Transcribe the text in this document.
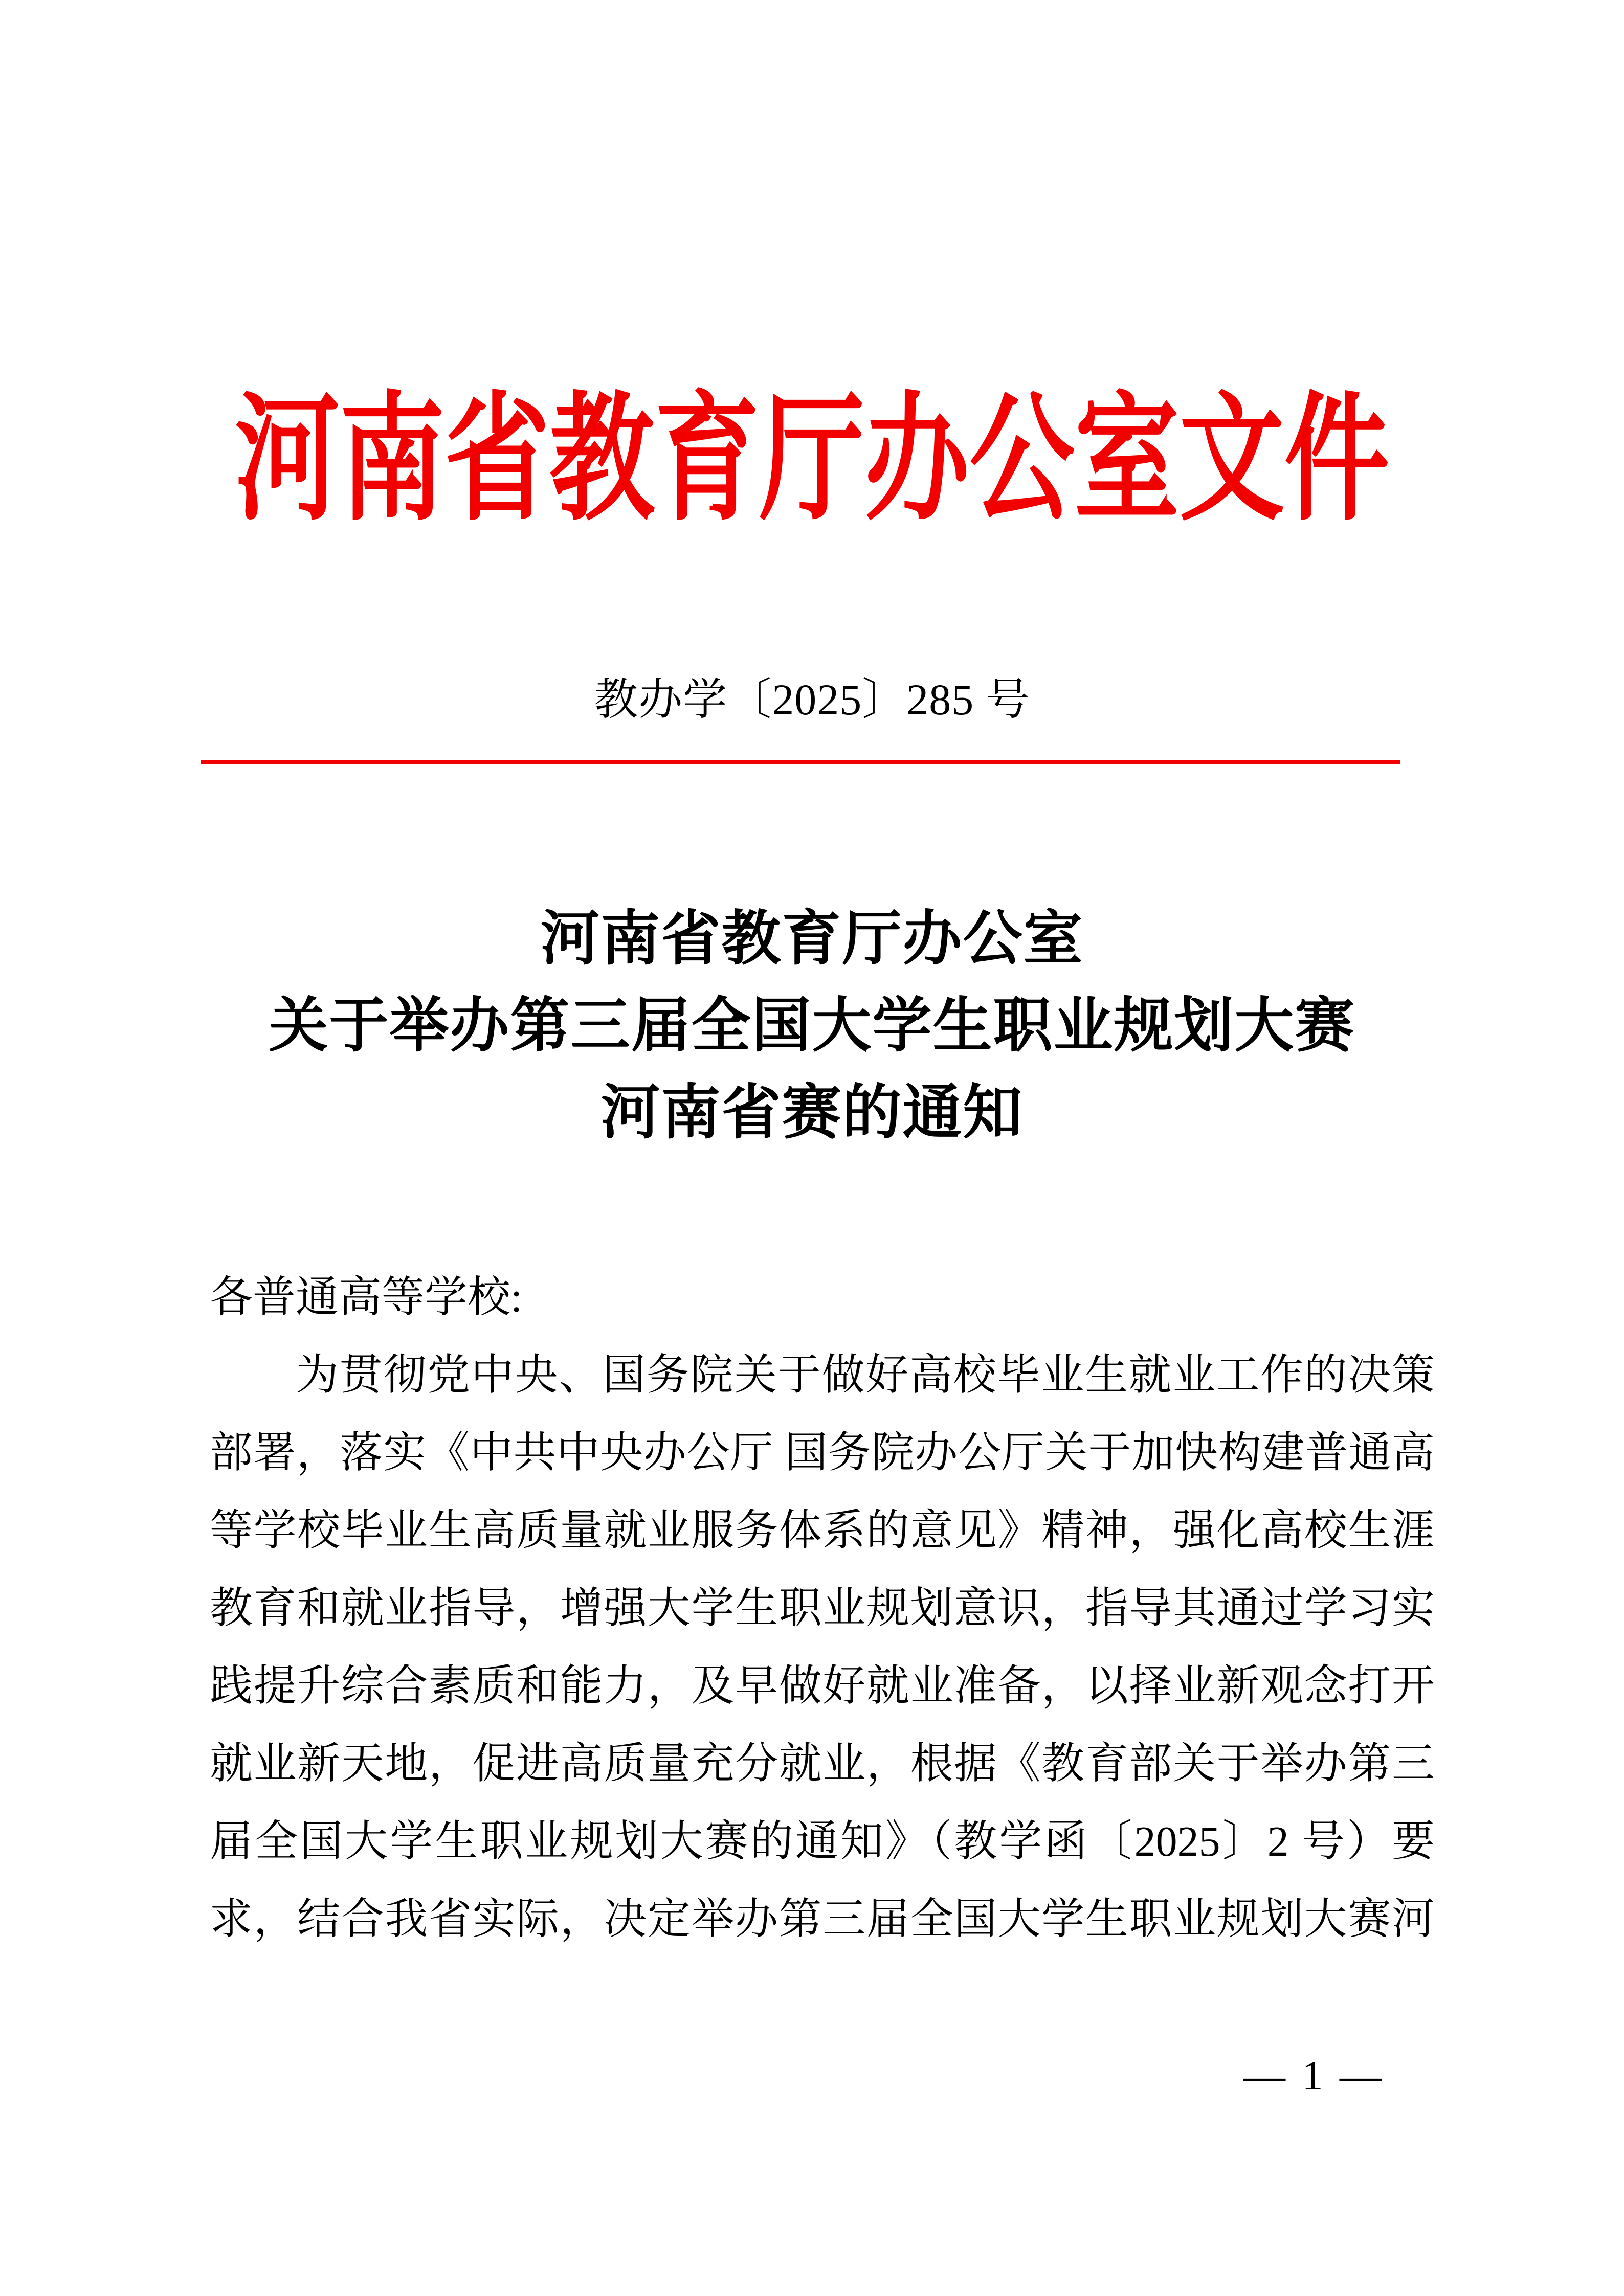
河南省教育厅办公室文件
教办学〔2025〕285 号
河南省教育厅办公室
关于举办第三届全国大学生职业规划大赛
河南省赛的通知
各普通高等学校:
为贯彻党中央、国务院关于做好高校毕业生就业工作的决策
部署，落实《中共中央办公厅 国务院办公厅关于加快构建普通高
等学校毕业生高质量就业服务体系的意见》精神，强化高校生涯
教育和就业指导，增强大学生职业规划意识，指导其通过学习实
践提升综合素质和能力，及早做好就业准备，以择业新观念打开
就业新天地，促进高质量充分就业，根据《教育部关于举办第三
届全国大学生职业规划大赛的通知》（教学函〔2025〕2 号）要
求，结合我省实际，决定举办第三届全国大学生职业规划大赛河
— 1 —
